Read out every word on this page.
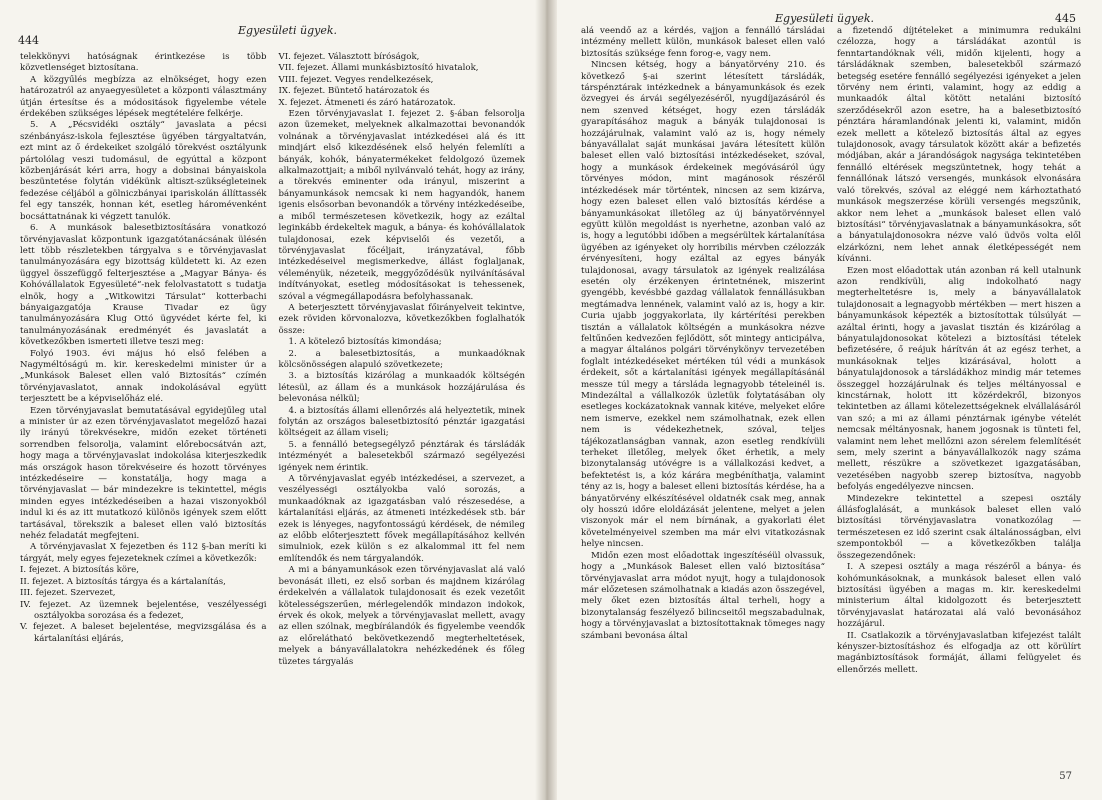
444
Egyesületi ügyek.

telekkönyvi hatóságnak érintkezése is több közvetlenséget biztosítana.

A közgyűlés megbízza az elnökséget, hogy ezen határozatról az anyaegyesületet a központi választmány útján értesítse és a módositások figyelembe vétele érdekében szükséges lépések megtételére felkérje.

5. A „Pécsvidéki osztály“ javaslata a pécsi szénbányász-iskola fejlesztése ügyében tárgyaltatván, ezt mint az ő érdekeiket szolgáló törekvést osztályunk pártolólag veszi tudomásul, de egyúttal a központ közbenjárását kéri arra, hogy a dobsinai bányaiskola beszüntetése folytán vidékünk altiszt-szükségleteinek fedezése céljából a gölniczbányai ipariskolán állíttassék fel egy tanszék, honnan két, esetleg háromévenként bocsáttatnának ki végzett tanulók.

6. A munkások balesetbiztosítására vonatkozó törvényjavaslat központunk igazgatótanácsának ülésén lett több részletekben tárgyalva s e törvényjavaslat tanulmányozására egy bizottság küldetett ki. Az ezen üggyel összefüggő felterjesztése a „Magyar Bánya- és Kohóvállalatok Egyesületé“-nek felolvastatott s tudatja elnök, hogy a „Witkowitzi Társulat“ kotterbachi bányaigazgatója Krause Tivadar ez ügy tanulmányozására Klug Ottó ügyvédet kérte fel, ki tanulmányozásának eredményét és javaslatát a következőkben ismerteti illetve teszi meg:

Folyó 1903. évi május hó első felében a Nagyméltóságú m. kir. kereskedelmi minister úr a „Munkások Baleset ellen való Biztosítás“ czímén törvényjavaslatot, annak indokolásával együtt terjesztett be a képviselőház elé.

Ezen törvényjavaslat bemutatásával egyidejűleg utal a minister úr az ezen törvényjavaslatot megelőző hazai ily irányú törekvésekre, midőn ezeket történeti sorrendben felsorolja, valamint előrebocsátván azt, hogy maga a törvényjavaslat indokolása kiterjeszkedik más országok hason törekvéseire és hozott törvényes intézkedéseire — konstatálja, hogy maga a törvényjavaslat — bár mindezekre is tekintettel, mégis minden egyes intézkedéseiben a hazai viszonyokból indul ki és az itt mutatkozó különös igények szem előtt tartásával, törekszik a baleset ellen való biztosítás nehéz feladatát megfejteni.

A törvényjavaslat X fejezetben és 112 §-ban meríti ki tárgyát, mely egyes fejezeteknek czímei a következők:

I. fejezet. A biztosítás köre,
II. fejezet. A biztosítás tárgya és a kártalanítás,
III. fejezet. Szervezet,
IV. fejezet. Az üzemnek bejelentése, veszélyességi osztályokba sorozása és a fedezet,
V. fejezet. A baleset bejelentése, megvizsgálása és a kártalanítási eljárás,
VI. fejezet. Választott bíróságok,
VII. fejezet. Állami munkásbiztosító hivatalok,
VIII. fejezet. Vegyes rendelkezések,
IX. fejezet. Büntető határozatok és
X. fejezet. Átmeneti és záró határozatok.

Ezen törvényjavaslat I. fejezet 2. §-ában felsorolja azon üzemeket, melyeknek alkalmazottai bevonandók volnának a törvényjavaslat intézkedései alá és itt mindjárt első kikezdésének első helyén felemlíti a bányák, kohók, bányatermékeket feldolgozó üzemek alkalmazottjait; a miből nyilvánvaló tehát, hogy az irány, a törekvés eminenter oda irányul, miszerint a bányamunkások nemcsak ki nem hagyandók, hanem igenis elsősorban bevonandók a törvény intézkedéseibe, a miből természetesen következik, hogy az ezáltal leginkább érdekeltek maguk, a bánya- és kohóvállalatok tulajdonosai, ezek képviselői és vezetői, a törvényjavaslat főcéljait, irányzatával, főbb intézkedéseivel megismerkedve, állást foglaljanak, véleményük, nézeteik, meggyőződésük nyilvánításával indítványokat, esetleg módosításokat is tehessenek, szóval a végmegállapodásra befolyhassanak.

A beterjesztett törvényjavaslat főirányelveit tekintve, ezek röviden körvonalozva, következőkben foglalhatók össze:

1. A kötelező biztosítás kimondása;

2. a balesetbiztosítás, a munkaadóknak kölcsönösségen alapuló szövetkezete;

3. a biztosítás kizárólag a munkaadók költségén létesül, az állam és a munkások hozzájárulása és belevonása nélkül;

4. a biztosítás állami ellenőrzés alá helyeztetik, minek folytán az országos balesetbiztosító pénztár igazgatási költségeit az állam viseli;

5. a fennálló betegsegélyző pénztárak és társládák intézményét a balesetekből származó segélyezési igények nem érintik.

A törvényjavaslat egyéb intézkedései, a szervezet, a veszélyességi osztályokba való sorozás, a munkaadóknak az igazgatásban való részesedése, a kártalanítási eljárás, az átmeneti intézkedések stb. bár ezek is lényeges, nagyfontosságú kérdések, de némileg az előbb előterjesztett fővek megállapításához kellvén simulniok, ezek külön s ez alkalommal itt fel nem említendők és nem tárgyalandók.

A mi a bányamunkások ezen törvényjavaslat alá való bevonását illeti, ez első sorban és majdnem kizárólag érdekelvén a vállalatok tulajdonosait és ezek vezetőit kötelességszerűen, mérlegelendők mindazon indokok, érvek és okok, melyek a törvényjavaslat mellett, avagy az ellen szólnak, megbírálandók és figyelembe veendők az előrelátható bekövetkezendő megterheltetések, melyek a bányavállalatokra nehézkedének és főleg tüzetes tárgyalás

445
Egyesületi ügyek.

alá veendő az a kérdés, vajjon a fennálló társládai intézmény mellett külön, munkások baleset ellen való biztosítás szüksége fenn forog-e, vagy nem.

Nincsen kétség, hogy a bányatörvény 210. és következő §-ai szerint létesített társládák, társpénztárak intézkednek a bányamunkások és ezek özvegyei és árvái segélyezéséről, nyugdíjazásáról és nem szenved kétséget, hogy ezen társládák gyarapításához maguk a bányák tulajdonosai is hozzájárulnak, valamint való az is, hogy némely bányavállalat saját munkásai javára létesített külön baleset ellen való biztosítási intézkedéseket, szóval, hogy a munkások érdekeinek megóvásáról úgy törvényes módon, mint magánosok részéről intézkedések már történtek, nincsen az sem kizárva, hogy ezen baleset ellen való biztosítás kérdése a bányamunkásokat illetőleg az új bányatörvénnyel együtt külön megoldást is nyerhetne, azonban való az is, hogy a legutóbbi időben a megsérültek kártalanítása ügyében az igényeket oly horribilis mérvben czélozzák érvényesíteni, hogy ezáltal az egyes bányák tulajdonosai, avagy társulatok az igények realizálása esetén oly érzékenyen érintetnének, miszerint gyengébb, kevésbbé gazdag vállalatok fennállásukban megtámadva lennének, valamint való az is, hogy a kir. Curia ujabb joggyakorlata, ily kártérítési perekben tisztán a vállalatok költségén a munkásokra nézve feltűnően kedvezően fejlődött, sőt mintegy anticipálva, a magyar általános polgári törvénykönyv tervezetében foglalt intézkedéseket mértéken túl védi a munkások érdekeit, sőt a kártalanítási igények megállapításánál messze túl megy a társláda legnagyobb tételeinél is. Mindezáltal a vállalkozók üzletük folytatásában oly esetleges kockázatoknak vannak kitéve, melyeket előre nem ismerve, ezekkel nem számolhatnak, ezek ellen nem is védekezhetnek, szóval, teljes tájékozatlanságban vannak, azon esetleg rendkívüli terheket illetőleg, melyek őket érhetik, a mely bizonytalanság utóvégre is a vállalkozási kedvet, a befektetést is, a kóz kárára megbéníthatja, valamint tény az is, hogy a baleset elleni biztosítás kérdése, ha a bányatörvény elkészítésével oldatnék csak meg, annak oly hosszú időre eloldázását jelentene, melyet a jelen viszonyok már el nem bírnának, a gyakorlati élet követelményeivel szemben ma már elvi vitatkozásnak helye nincsen.

Midőn ezen most előadottak ingeszítéséül olvassuk, hogy a „Munkások Baleset ellen való biztosítása“ törvényjavaslat arra módot nyujt, hogy a tulajdonosok már előzetesen számolhatnak a kiadás azon összegével, mely őket ezen biztosítás által terheli, hogy a bizonytalanság feszélyező bilincseitől megszabadulnak, hogy a törvényjavaslat a biztosítottaknak tömeges nagy számbani bevonása által

a fizetendő díjtételeket a minimumra redukálni czélozza, hogy a társládákat azontúl is fenntartandóknak véli, midőn kijelenti, hogy a társládáknak szemben, balesetekből származó betegség esetére fennálló segélyezési igényeket a jelen törvény nem érinti, valamint, hogy az eddig a munkaadók által kötött netaláni biztosító szerződésekről azon esetre, ha a balesetbiztosító pénztára háramlandónak jelenti ki, valamint, midőn ezek mellett a kötelező biztosítás által az egyes tulajdonosok, avagy társulatok között akár a befizetés módjában, akár a járandóságok nagysága tekintetében fennálló eltérések megszüntetnek, hogy tehát a fennállónak látszó versengés, munkások elvonására való törekvés, szóval az eléggé nem kárhoztatható munkások megszerzése körüli versengés megszűnik, akkor nem lehet a „munkások baleset ellen való biztosítási“ törvényjavaslatnak a bányamunkásokra, sőt a bányatulajdonosokra nézve való üdvös volta elől elzárkózni, nem lehet annak életképességét nem kívánni.

Ezen most előadottak után azonban rá kell utalnunk azon rendkívüli, alig indokolható nagy megterheltetésre is, mely a bányavállalatok tulajdonosait a legnagyobb mértékben — mert hiszen a bányamunkások képezték a biztosítottak túlsúlyát — azáltal érinti, hogy a javaslat tisztán és kizárólag a bányatulajdonosokat kötelezi a biztosítási tételek befizetésére, ő reájuk hárítván át az egész terhet, a munkásoknak teljes kizárásával, holott a bányatulajdonosok a társládákhoz mindig már tetemes összeggel hozzájárulnak és teljes méltányossal e kincstárnak, holott itt közérdekről, bizonyos tekintetben az állami kötelezettségeknek elvállalásáról van szó; a mi az állami pénztárnak igénybe vételét nemcsak méltányosnak, hanem jogosnak is tünteti fel, valamint nem lehet mellőzni azon sérelem felemlítését sem, mely szerint a bányavállalkozók nagy száma mellett, részükre a szövetkezet igazgatásában, vezetésében nagyobb szerep biztosítva, nagyobb befolyás engedélyezve nincsen.

Mindezekre tekintettel a szepesi osztály állásfoglalását, a munkások baleset ellen való biztosítási törvényjavaslatra vonatkozólag — természetesen ez idő szerint csak általánosságban, elvi szempontokból — a következőkben találja összegezendőnek:

I. A szepesi osztály a maga részéről a bánya- és kohómunkásoknak, a munkások baleset ellen való biztosítási ügyében a magas m. kir. kereskedelmi ministerium által kidolgozott és beterjesztett törvényjavaslat határozatai alá való bevonásához hozzájárul.

II. Csatlakozik a törvényjavaslatban kifejezést talált kényszer-biztosításhoz és elfogadja az ott körülírt magánbiztosítások formáját, állami felügyelet és ellenőrzés mellett.

57
